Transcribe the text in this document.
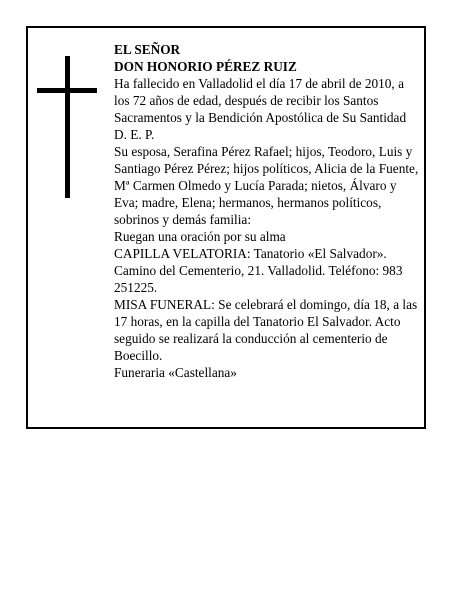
EL SEÑOR

DON HONORIO PÉREZ RUIZ

Ha fallecido en Valladolid el día 17 de abril de 2010, a los 72 años de edad, después de recibir los Santos Sacramentos y la Bendición Apostólica de Su Santidad D. E. P.

Su esposa, Serafina Pérez Rafael; hijos, Teodoro, Luis y Santiago Pérez Pérez; hijos políticos, Alicia de la Fuente, Mª Carmen Olmedo y Lucía Parada; nietos, Álvaro y Eva; madre, Elena; hermanos, hermanos políticos, sobrinos y demás familia:

Ruegan una oración por su alma

CAPILLA VELATORIA: Tanatorio «El Salvador». Camino del Cementerio, 21. Valladolid. Teléfono: 983 251225.

MISA FUNERAL: Se celebrará el domingo, día 18, a las 17 horas, en la capilla del Tanatorio El Salvador. Acto seguido se realizará la conducción al cementerio de Boecillo.

Funeraria «Castellana»
